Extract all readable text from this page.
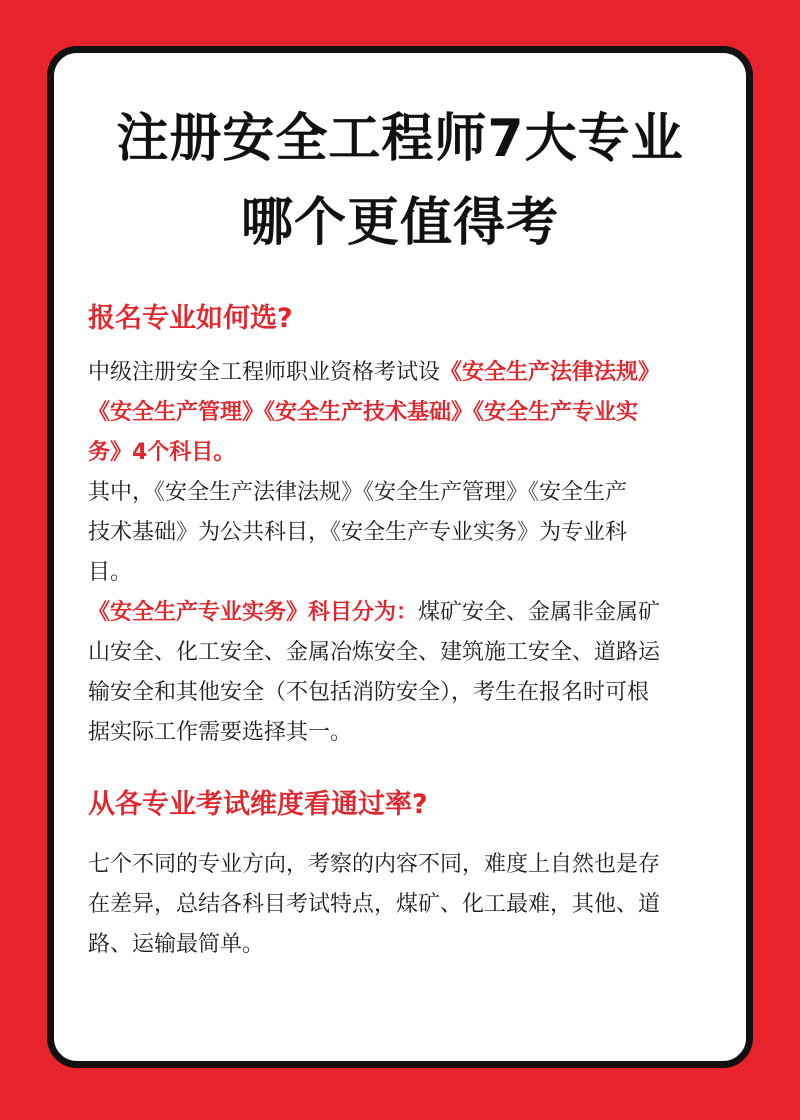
注册安全工程师7大专业
哪个更值得考
报名专业如何选?
中级注册安全工程师职业资格考试设《安全生产法律法规》
《安全生产管理》《安全生产技术基础》《安全生产专业实
务》4个科目。
其中，《安全生产法律法规》《安全生产管理》《安全生产
技术基础》为公共科目，《安全生产专业实务》为专业科
目。
《安全生产专业实务》科目分为：煤矿安全、金属非金属矿
山安全、化工安全、金属冶炼安全、建筑施工安全、道路运
输安全和其他安全（不包括消防安全），考生在报名时可根
据实际工作需要选择其一。
从各专业考试维度看通过率?
七个不同的专业方向，考察的内容不同，难度上自然也是存
在差异，总结各科目考试特点，煤矿、化工最难，其他、道
路、运输最简单。
